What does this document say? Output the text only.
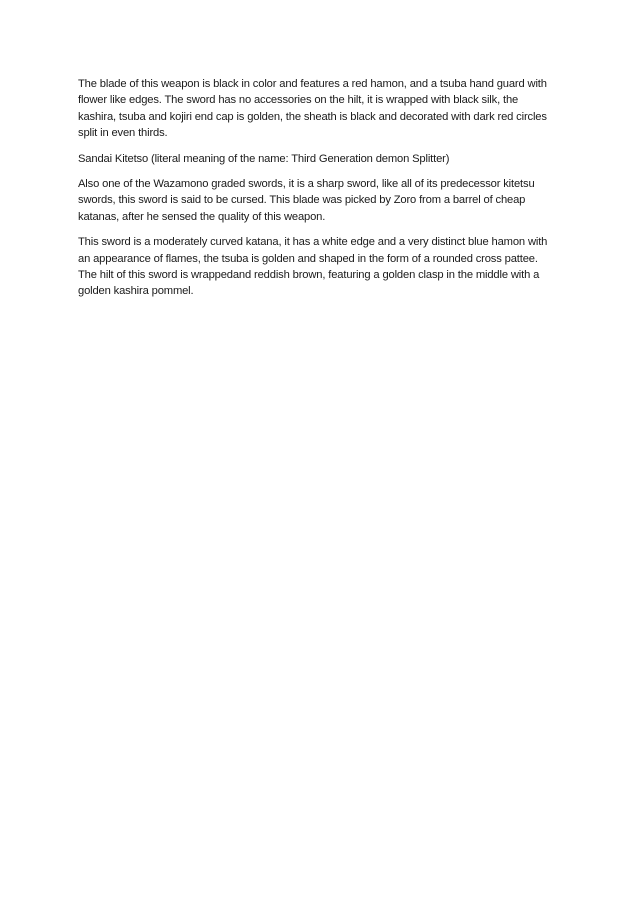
The blade of this weapon is black in color and features a red hamon, and a tsuba hand guard with flower like edges. The sword has no accessories on the hilt, it is wrapped with black silk, the kashira, tsuba and kojiri end cap is golden, the sheath is black and decorated with dark red circles split in even thirds.

Sandai Kitetso (literal meaning of the name: Third Generation demon Splitter)

Also one of the Wazamono graded swords, it is a sharp sword, like all of its predecessor kitetsu swords, this sword is said to be cursed. This blade was picked by Zoro from a barrel of cheap katanas, after he sensed the quality of this weapon.

This sword is a moderately curved katana, it has a white edge and a very distinct blue hamon with an appearance of flames, the tsuba is golden and shaped in the form of a rounded cross pattee. The hilt of this sword is wrappedand reddish brown, featuring a golden clasp in the middle with a golden kashira pommel.
